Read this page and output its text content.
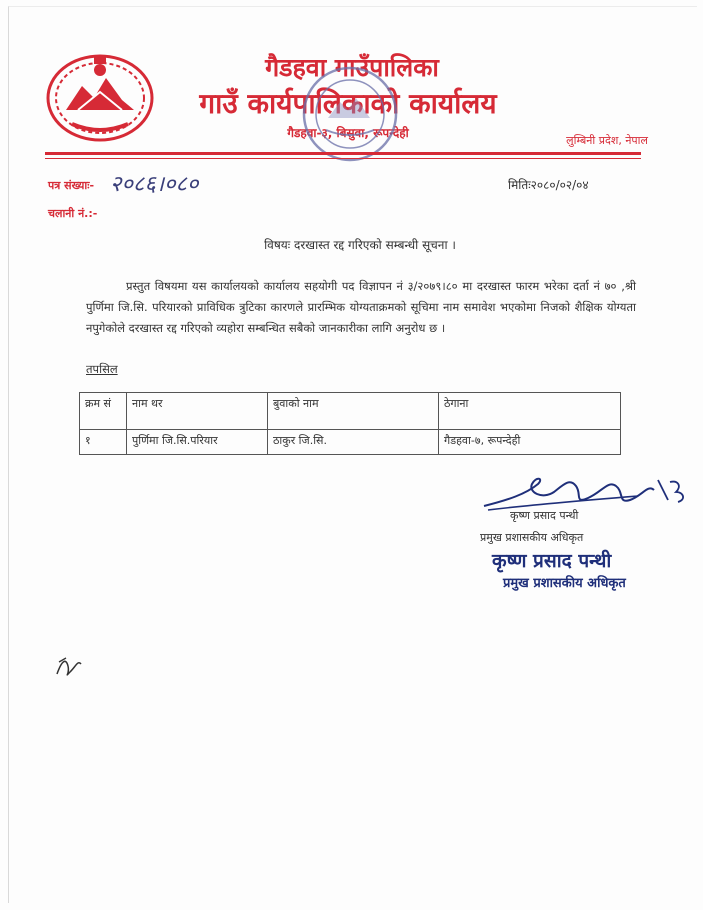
गैडहवा गाउँपालिका
गाउँ कार्यपालिकाको कार्यालय
गैडहवा-३, बिसुवा, रूपन्देही
लुम्बिनी प्रदेश, नेपाल
पत्र संख्याः- २०८६।०८०
चलानी नं.:-
मितिः२०८०/०२/०४
विषयः दरखास्त रद्द गरिएको सम्बन्धी सूचना ।
प्रस्तुत विषयमा यस कार्यालयको कार्यालय सहयोगी पद विज्ञापन नं ३/२०७९।८० मा दरखास्त फारम भरेका दर्ता नं ७० ,श्री पुर्णिमा जि.सि. परियारको प्राविधिक त्रुटिका कारणले प्रारम्भिक योग्यताक्रमको सूचिमा नाम समावेश भएकोमा निजको शैक्षिक योग्यता नपुगेकोले दरखास्त रद्द गरिएको व्यहोरा सम्बन्धित सबैको जानकारीका लागि अनुरोध छ ।
तपसिल
क्रम सं	नाम थर	बुवाको नाम	ठेगाना
१	पुर्णिमा जि.सि.परियार	ठाकुर जि.सि.	गैडहवा-७, रूपन्देही
कृष्ण प्रसाद पन्थी
प्रमुख प्रशासकीय अधिकृत
कृष्ण प्रसाद पन्थी
प्रमुख प्रशासकीय अधिकृत
